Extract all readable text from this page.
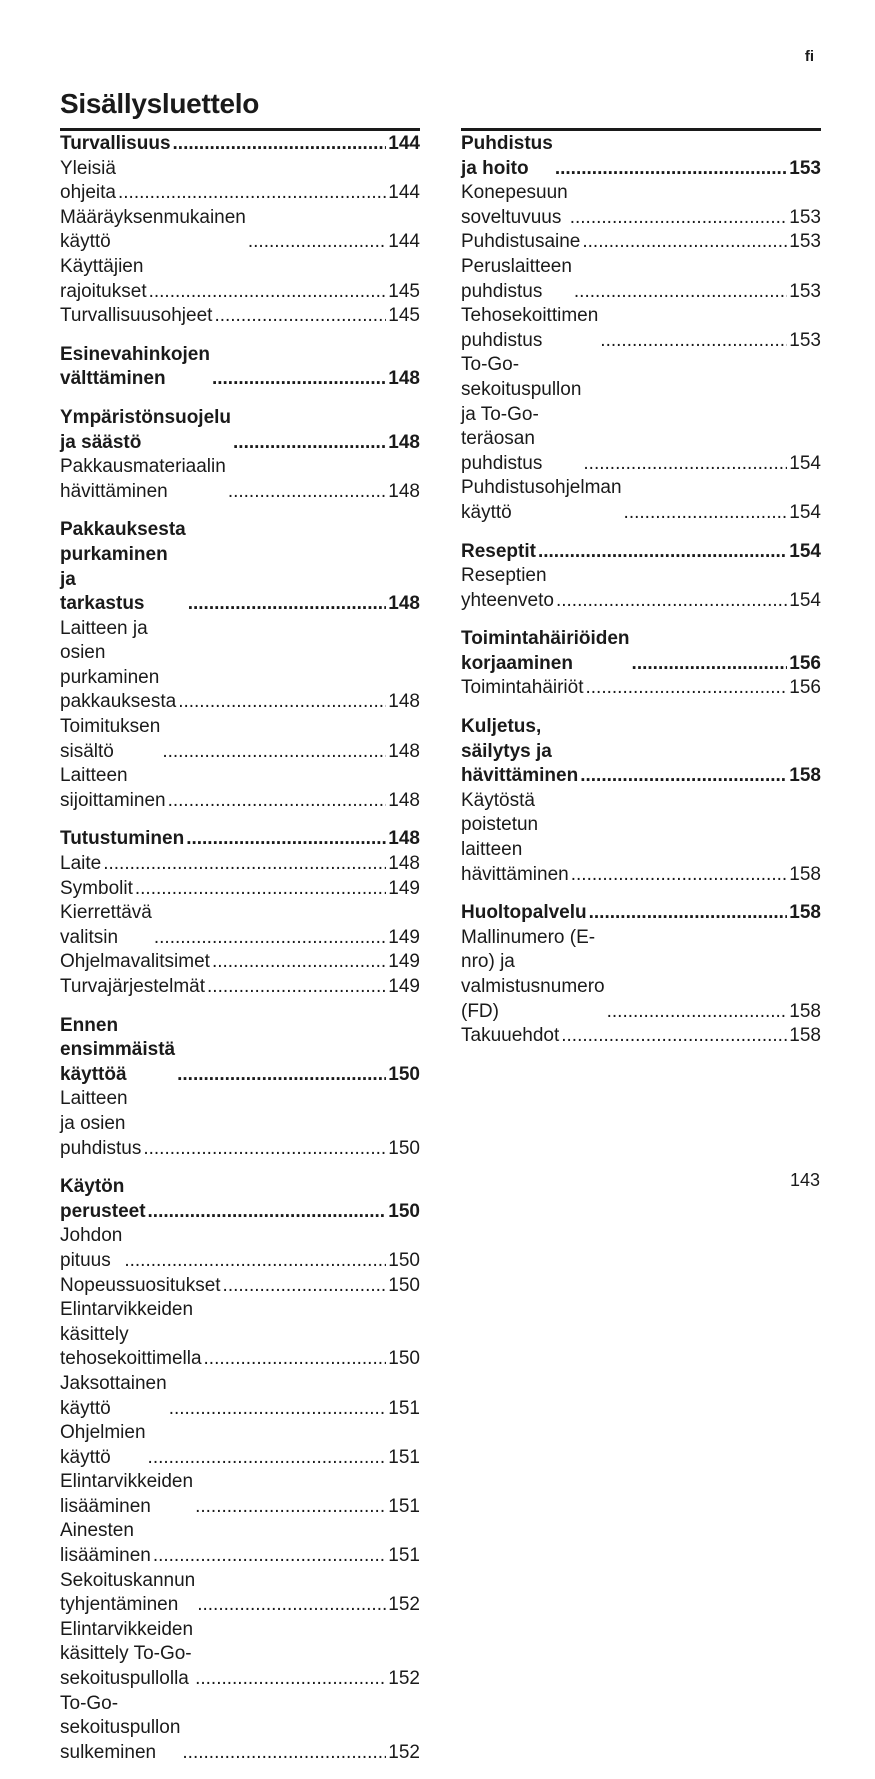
fi
Sisällysluettelo
Turvallisuus .....	144
Yleisiä ohjeita .....	144
Määräyksenmukainen käyttö .....	144
Käyttäjien rajoitukset .....	145
Turvallisuusohjeet .....	145
Esinevahinkojen välttäminen .....	148
Ympäristönsuojelu ja säästö .....	148
Pakkausmateriaalin hävittäminen .....	148
Pakkauksesta purkaminen ja
tarkastus .....	148
Laitteen ja osien purkaminen
pakkauksesta .....	148
Toimituksen sisältö .....	148
Laitteen sijoittaminen .....	148
Tutustuminen .....	148
Laite .....	148
Symbolit .....	149
Kierrettävä valitsin .....	149
Ohjelmavalitsimet .....	149
Turvajärjestelmät .....	149
Ennen ensimmäistä käyttöä .....	150
Laitteen ja osien puhdistus .....	150
Käytön perusteet .....	150
Johdon pituus .....	150
Nopeussuositukset .....	150
Elintarvikkeiden käsittely
tehosekoittimella .....	150
Jaksottainen käyttö .....	151
Ohjelmien käyttö .....	151
Elintarvikkeiden lisääminen .....	151
Ainesten lisääminen .....	151
Sekoituskannun tyhjentäminen .....	152
Elintarvikkeiden käsittely To-Go-
sekoituspullolla .....	152
To-Go-sekoituspullon
sulkeminen .....	152
Puhdistus ja hoito .....	153
Konepesuun soveltuvuus .....	153
Puhdistusaine .....	153
Peruslaitteen puhdistus .....	153
Tehosekoittimen puhdistus .....	153
To-Go-sekoituspullon ja To-Go-
teräosan puhdistus .....	154
Puhdistusohjelman käyttö .....	154
Reseptit .....	154
Reseptien yhteenveto .....	154
Toimintahäiriöiden
korjaaminen .....	156
Toimintahäiriöt .....	156
Kuljetus, säilytys ja
hävittäminen .....	158
Käytöstä poistetun laitteen
hävittäminen .....	158
Huoltopalvelu .....	158
Mallinumero (E-nro) ja
valmistusnumero (FD) .....	158
Takuuehdot .....	158
143
